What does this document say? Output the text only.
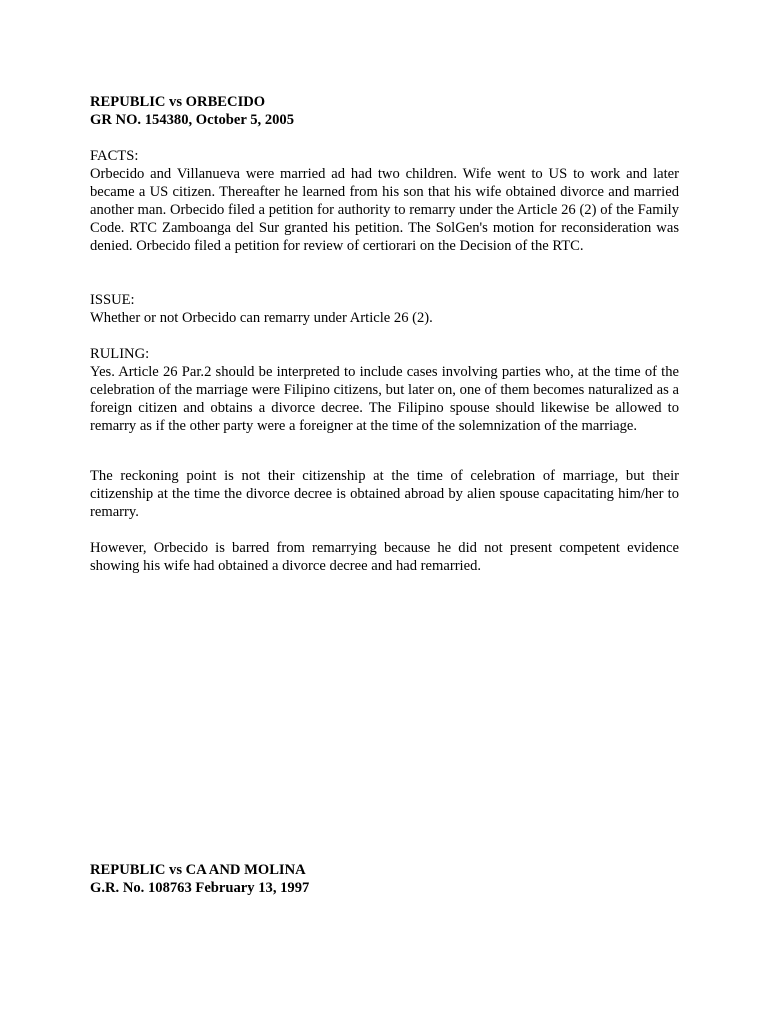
REPUBLIC vs ORBECIDO
GR NO. 154380, October 5, 2005
FACTS:

Orbecido and Villanueva were married ad had two children. Wife went to US to work and later became a US citizen. Thereafter he learned from his son that his wife obtained divorce and married another man. Orbecido filed a petition for authority to remarry under the Article 26 (2) of the Family Code. RTC Zamboanga del Sur granted his petition. The SolGen's motion for reconsideration was denied. Orbecido filed a petition for review of certiorari on the Decision of the RTC.

ISSUE:

Whether or not Orbecido can remarry under Article 26 (2).

RULING:

Yes. Article 26 Par.2 should be interpreted to include cases involving parties who, at the time of the celebration of the marriage were Filipino citizens, but later on, one of them becomes naturalized as a foreign citizen and obtains a divorce decree. The Filipino spouse should likewise be allowed to remarry as if the other party were a foreigner at the time of the solemnization of the marriage.

The reckoning point is not their citizenship at the time of celebration of marriage, but their citizenship at the time the divorce decree is obtained abroad by alien spouse capacitating him/her to remarry.

However, Orbecido is barred from remarrying because he did not present competent evidence showing his wife had obtained a divorce decree and had remarried.

REPUBLIC vs CA AND MOLINA
G.R. No. 108763 February 13, 1997
